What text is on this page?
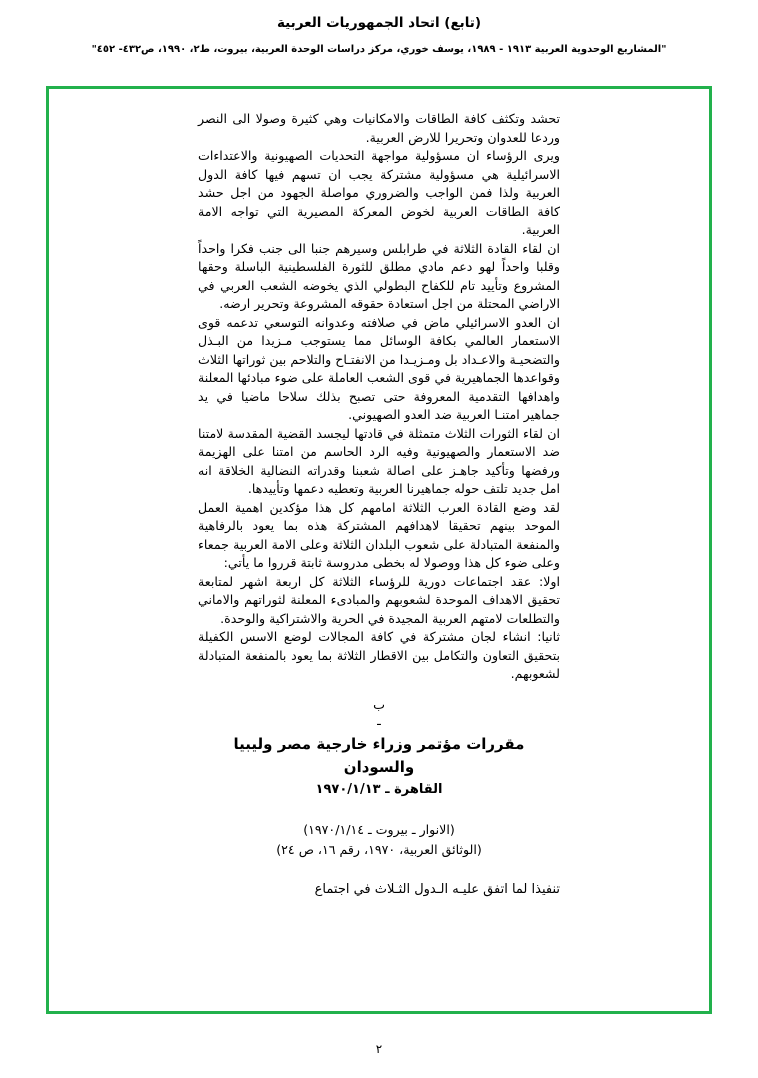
(تابع) اتحاد الجمهوريات العربية
"المشاريع الوحدوية العربية ١٩١٣ - ١٩٨٩، يوسف خوري، مركز دراسات الوحدة العربية، بيروت، ط٢، ١٩٩٠، ص٤٣٢- ٤٥٢"

تحشد وتكثف كافة الطاقات والامكانيات وهي كثيرة وصولا الى النصر وردعا للعدوان وتحريرا للارض العربية.

ويرى الرؤساء ان مسؤولية مواجهة التحديات الصهيونية والاعتداءات الاسرائيلية هي مسؤولية مشتركة يجب ان تسهم فيها كافة الدول العربية ولذا فمن الواجب والضروري مواصلة الجهود من اجل حشد كافة الطاقات العربية لخوض المعركة المصيرية التي تواجه الامة العربية.

ان لقاء القادة الثلاثة في طرابلس وسيرهم جنبا الى جنب فكرا واحداً وقلبا واحداً لهو دعم مادي مطلق للثورة الفلسطينية الباسلة وحقها المشروع وتأييد تام للكفاح البطولي الذي يخوضه الشعب العربي في الاراضي المحتلة من اجل استعادة حقوقه المشروعة وتحرير ارضه.

ان العدو الاسرائيلي ماض في صلافته وعدوانه التوسعي تدعمه قوى الاستعمار العالمي بكافة الوسائل مما يستوجب مـزيدا من البـذل والتضحيـة والاعـداد بل ومـزيـدا من الانفتـاح والتلاحم بين ثوراتها الثلاث وقواعدها الجماهيرية في قوى الشعب العاملة على ضوء مبادئها المعلنة واهدافها التقدمية المعروفة حتى تصبح بذلك سلاحا ماضيا في يد جماهير امتنـا العربية ضد العدو الصهيوني.

ان لقاء الثورات الثلاث متمثلة في قادتها ليجسد القضية المقدسة لامتنا ضد الاستعمار والصهيونية وفيه الرد الحاسم من امتنا على الهزيمة ورفضها وتأكيد جاهـز على اصالة شعبنا وقدراته النضالية الخلاقة انه امل جديد تلتف حوله جماهيرنا العربية وتعطيه دعمها وتأييدها.

لقد وضع القادة العرب الثلاثة امامهم كل هذا مؤكدين اهمية العمل الموحد بينهم تحقيقا لاهدافهم المشتركة هذه بما يعود بالرفاهية والمنفعة المتبادلة على شعوب البلدان الثلاثة وعلى الامة العربية جمعاء وعلى ضوء كل هذا ووصولا له بخطى مدروسة ثابتة قرروا ما يأتي:

اولا: عقد اجتماعات دورية للرؤساء الثلاثة كل اربعة اشهر لمتابعة تحقيق الاهداف الموحدة لشعوبهم والمبادىء المعلنة لثوراتهم والاماني والتطلعات لامتهم العربية المجيدة في الحرية والاشتراكية والوحدة.

ثانيا: انشاء لجان مشتركة في كافة المجالات لوضع الاسس الكفيلة بتحقيق التعاون والتكامل بين الاقطار الثلاثة بما يعود بالمنفعة المتبادلة لشعوبهم.

ب
ـ
مقررات مؤتمر وزراء خارجية مصر وليبيا والسودان
القاهرة ـ ١٩٧٠/١/١٣
(الانوار ـ بيروت ـ ١٩٧٠/١/١٤)
(الوثائق العربية، ١٩٧٠، رقم ١٦، ص ٢٤)
تنفيذا لما اتفق عليـه الـدول الثـلاث في اجتماع
٢
